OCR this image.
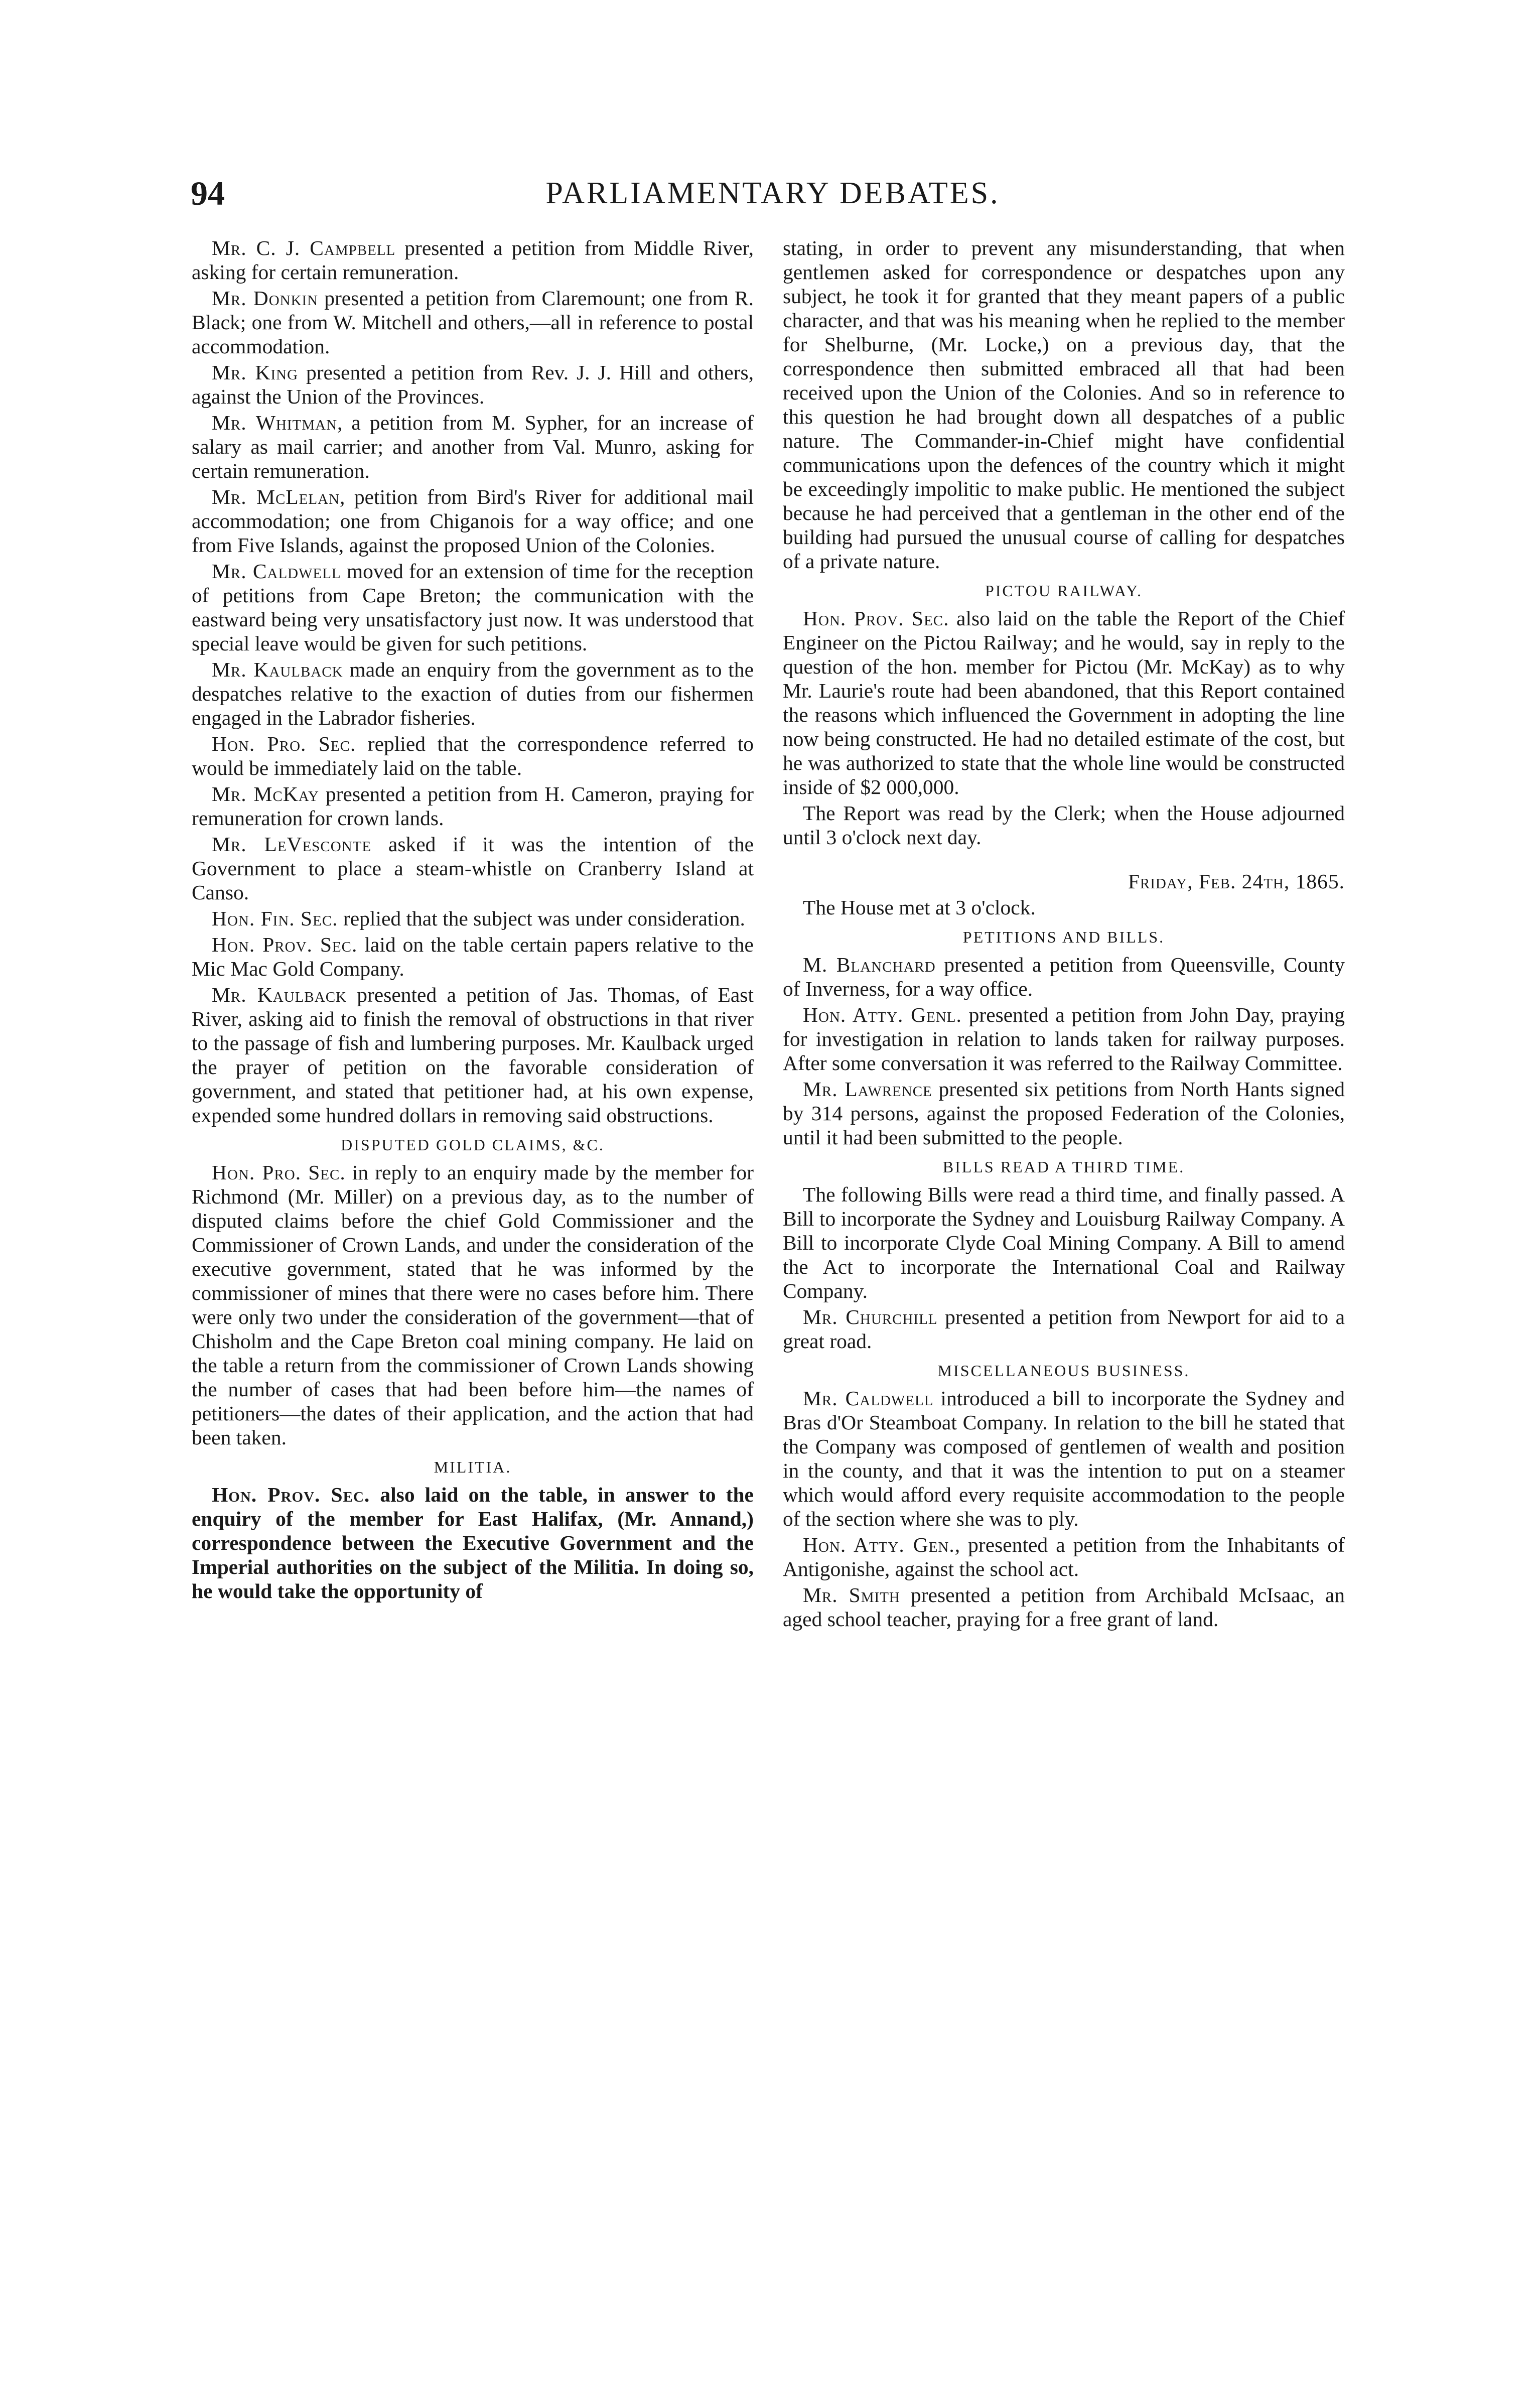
94	PARLIAMENTARY DEBATES.

Mr. C. J. Campbell presented a petition from Middle River, asking for certain remuneration.

Mr. Donkin presented a petition from Claremount; one from R. Black; one from W. Mitchell and others,—all in reference to postal accommodation.

Mr. King presented a petition from Rev. J. J. Hill and others, against the Union of the Provinces.

Mr. Whitman, a petition from M. Sypher, for an increase of salary as mail carrier; and another from Val. Munro, asking for certain remuneration.

Mr. McLelan, petition from Bird's River for additional mail accommodation; one from Chiganois for a way office; and one from Five Islands, against the proposed Union of the Colonies.

Mr. Caldwell moved for an extension of time for the reception of petitions from Cape Breton; the communication with the eastward being very unsatisfactory just now. It was understood that special leave would be given for such petitions.

Mr. Kaulback made an enquiry from the government as to the despatches relative to the exaction of duties from our fishermen engaged in the Labrador fisheries.

Hon. Pro. Sec. replied that the correspondence referred to would be immediately laid on the table.

Mr. McKay presented a petition from H. Cameron, praying for remuneration for crown lands.

Mr. LeVesconte asked if it was the intention of the Government to place a steam-whistle on Cranberry Island at Canso.

Hon. Fin. Sec. replied that the subject was under consideration.

Hon. Prov. Sec. laid on the table certain papers relative to the Mic Mac Gold Company.

Mr. Kaulback presented a petition of Jas. Thomas, of East River, asking aid to finish the removal of obstructions in that river to the passage of fish and lumbering purposes. Mr. Kaulback urged the prayer of petition on the favorable consideration of government, and stated that petitioner had, at his own expense, expended some hundred dollars in removing said obstructions.

DISPUTED GOLD CLAIMS, &C.

Hon. Pro. Sec. in reply to an enquiry made by the member for Richmond (Mr. Miller) on a previous day, as to the number of disputed claims before the chief Gold Commissioner and the Commissioner of Crown Lands, and under the consideration of the executive government, stated that he was informed by the commissioner of mines that there were no cases before him. There were only two under the consideration of the government—that of Chisholm and the Cape Breton coal mining company. He laid on the table a return from the commissioner of Crown Lands showing the number of cases that had been before him—the names of petitioners—the dates of their application, and the action that had been taken.

MILITIA.

Hon. Prov. Sec. also laid on the table, in answer to the enquiry of the member for East Halifax, (Mr. Annand,) correspondence between the Executive Government and the Imperial authorities on the subject of the Militia. In doing so, he would take the opportunity of

stating, in order to prevent any misunderstanding, that when gentlemen asked for correspondence or despatches upon any subject, he took it for granted that they meant papers of a public character, and that was his meaning when he replied to the member for Shelburne, (Mr. Locke,) on a previous day, that the correspondence then submitted embraced all that had been received upon the Union of the Colonies. And so in reference to this question he had brought down all despatches of a public nature. The Commander-in-Chief might have confidential communications upon the defences of the country which it might be exceedingly impolitic to make public. He mentioned the subject because he had perceived that a gentleman in the other end of the building had pursued the unusual course of calling for despatches of a private nature.

PICTOU RAILWAY.

Hon. Prov. Sec. also laid on the table the Report of the Chief Engineer on the Pictou Railway; and he would, say in reply to the question of the hon. member for Pictou (Mr. McKay) as to why Mr. Laurie's route had been abandoned, that this Report contained the reasons which influenced the Government in adopting the line now being constructed. He had no detailed estimate of the cost, but he was authorized to state that the whole line would be constructed inside of $2 000,000.

The Report was read by the Clerk; when the House adjourned until 3 o'clock next day.

Friday, Feb. 24th, 1865.

The House met at 3 o'clock.

PETITIONS AND BILLS.

M. Blanchard presented a petition from Queensville, County of Inverness, for a way office.

Hon. Atty. Genl. presented a petition from John Day, praying for investigation in relation to lands taken for railway purposes. After some conversation it was referred to the Railway Committee.

Mr. Lawrence presented six petitions from North Hants signed by 314 persons, against the proposed Federation of the Colonies, until it had been submitted to the people.

BILLS READ A THIRD TIME.

The following Bills were read a third time, and finally passed. A Bill to incorporate the Sydney and Louisburg Railway Company. A Bill to incorporate Clyde Coal Mining Company. A Bill to amend the Act to incorporate the International Coal and Railway Company.

Mr. Churchill presented a petition from Newport for aid to a great road.

MISCELLANEOUS BUSINESS.

Mr. Caldwell introduced a bill to incorporate the Sydney and Bras d'Or Steamboat Company. In relation to the bill he stated that the Company was composed of gentlemen of wealth and position in the county, and that it was the intention to put on a steamer which would afford every requisite accommodation to the people of the section where she was to ply.

Hon. Atty. Gen., presented a petition from the Inhabitants of Antigonishe, against the school act.

Mr. Smith presented a petition from Archibald McIsaac, an aged school teacher, praying for a free grant of land.
